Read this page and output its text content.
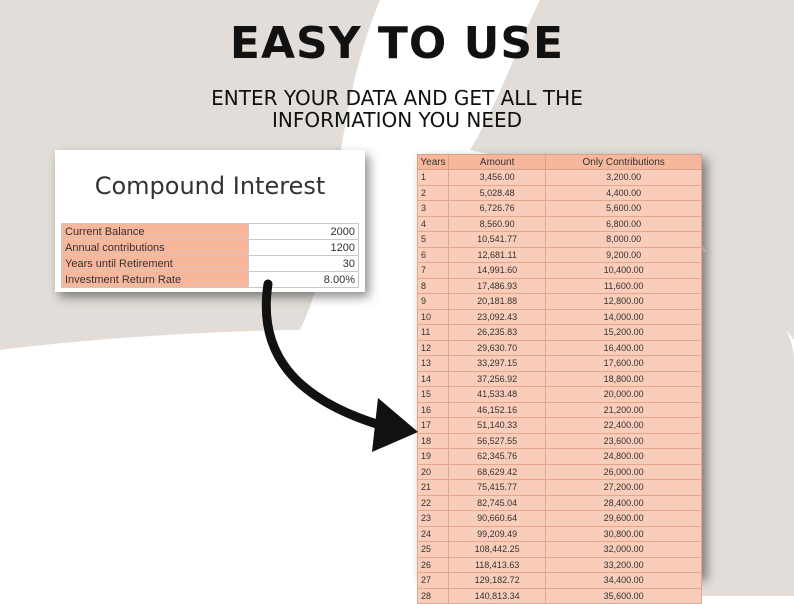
EASY TO USE
ENTER YOUR DATA AND GET ALL THE INFORMATION YOU NEED
Compound Interest
Current Balance	2000
Annual contributions	1200
Years until Retirement	30
Investment Return Rate	8.00%
Years	Amount	Only Contributions
1	3,456.00	3,200.00
2	5,028.48	4,400.00
3	6,726.76	5,600.00
4	8,560.90	6,800.00
5	10,541.77	8,000.00
6	12,681.11	9,200.00
7	14,991.60	10,400.00
8	17,486.93	11,600.00
9	20,181.88	12,800.00
10	23,092.43	14,000.00
11	26,235.83	15,200.00
12	29,630.70	16,400.00
13	33,297.15	17,600.00
14	37,256.92	18,800.00
15	41,533.48	20,000.00
16	46,152.16	21,200.00
17	51,140.33	22,400.00
18	56,527.55	23,600.00
19	62,345.76	24,800.00
20	68,629.42	26,000.00
21	75,415.77	27,200.00
22	82,745.04	28,400.00
23	90,660.64	29,600.00
24	99,209.49	30,800.00
25	108,442.25	32,000.00
26	118,413.63	33,200.00
27	129,182.72	34,400.00
28	140,813.34	35,600.00
